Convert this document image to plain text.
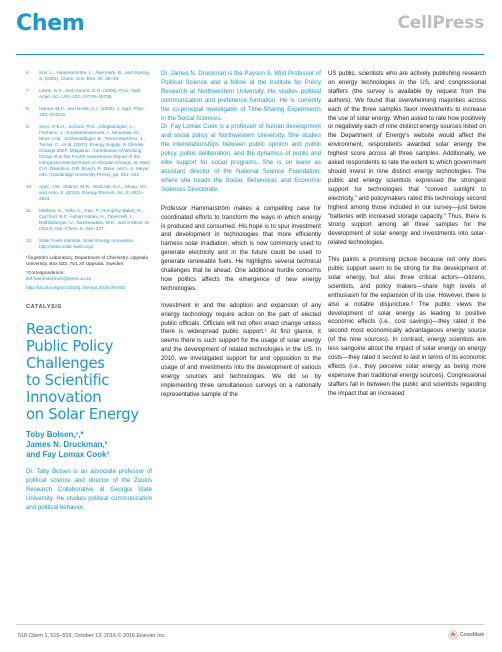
Chem	CellPress
6. Sun, L., Hammarström, L., Åkermark, B., and Styring, S. (2001). Chem. Soc. Rev. 30, 36–49.
7. Lewis, N.S., and Nocera, D.G. (2006). Proc. Natl. Acad. Sci. USA 103, 15729–15735.
8. Hanna, M.C., and Nozik, A.J. (2006). J. Appl. Phys. 100, 074510.
9. Sims, R.E.H., Schock, R.N., Adegbululgbe, A., Fenhann, J., Konstantinaviciute, I., Moomaw, W., Nimir, H.B., Schlamadinger, B., Torres-Martínez, J., Turner, C., et al. (2007). Energy Supply. In Climate Change 2007: Mitigation. Contribution of Working Group III to the Fourth Assessment Report of the Intergovernmental Panel on Climate Change, B. Metz, O.R. Davidson, P.R. Bosch, R. Dave, and L.A. Meyer, eds. (Cambridge University Press), pp. 251–322.
10. Ager, J.W., Shaner, M.R., Walczak, K.A., Sharp, I.D., and Ardo, S. (2015). Energy Environ. Sci. 8, 2811–2824.
11. Mathew, S., Yella, A., Gao, P., Humphry-Baker, R., Curchod, B.F., Ashari-Astani, N., Tavernelli, I., Rothlisberger, U., Nazeeruddin, M.K., and Grätzel, M. (2014). Nat. Chem. 6, 242–247.
12. Solar Fuels Institute. Solar Energy Innovation. http://www.solar-fuels.org/.

¹Ångström Laboratory, Department of Chemistry, Uppsala University, Box 523, 751 20 Uppsala, Sweden

*Correspondence:
leif.hammarstrom@kemi.uu.se

http://dx.doi.org/10.1016/j.chempr.2016.09.002

CATALYSIS
Reaction:
Public Policy
Challenges
to Scientific
Innovation
on Solar Energy
Toby Bolsen,¹,*
James N. Druckman,²
and Fay Lomax Cook³

Dr. Toby Bolsen is an associate professor of political science and director of the Zoukis Research Collaborative at Georgia State University. He studies political communication and political behavior.

Dr. James N. Druckman is the Payson S. Wild Professor of Political Science and a fellow at the Institute for Policy Research at Northwestern University. He studies political communication and preference formation. He is currently the co-principal investigator of Time-Sharing Experiments in the Social Sciences.

Dr. Fay Lomax Cook is a professor of human development and social policy at Northwestern University. She studies the interrelationships between public opinion and public policy, public deliberation, and the dynamics of public and elite support for social programs. She is on leave as assistant director of the National Science Foundation, where she heads the Social, Behavioral, and Economic Sciences Directorate.

Professor Hammarström makes a compelling case for coordinated efforts to transform the ways in which energy is produced and consumed. His hope is to spur investment and development in technologies that more efficiently harness solar irradiation, which is now commonly used to generate electricity and in the future could be used to generate renewable fuels. He highlights several technical challenges that lie ahead. One additional hurdle concerns how politics affects the emergence of new energy technologies.

Investment in and the adoption and expansion of any energy technology require action on the part of elected public officials. Officials will not often enact change unless there is widespread public support.¹ At first glance, it seems there is such support for the usage of solar energy and the development of related technologies in the US. In 2010, we investigated support for and opposition to the usage of and investments into the development of various energy sources and technologies. We did so by implementing three simultaneous surveys on a nationally representative sample of the

US public, scientists who are actively publishing research on energy technologies in the US, and congressional staffers (the survey is available by request from the authors). We found that overwhelming majorities across each of the three samples favor investments to increase the use of solar energy. When asked to rate how positively or negatively each of nine distinct energy sources listed on the Department of Energy's website would affect the environment, respondents awarded solar energy the highest score across all three samples. Additionally, we asked respondents to rate the extent to which government should invest in nine distinct energy technologies. The public and energy scientists expressed the strongest support for technologies that "convert sunlight to electricity," and policymakers rated this technology second highest among those included in our survey—just below "batteries with increased storage capacity." Thus, there is strong support among all three samples for the development of solar energy and investments into solar-related technologies.

This paints a promising picture because not only does public support seem to be strong for the development of solar energy, but also three critical actors—citizens, scientists, and policy makers—share high levels of enthusiasm for the expansion of its use. However, there is also a notable disjuncture.² The public views the development of solar energy as leading to positive economic effects (i.e., cost savings)—they rated it the second most economically advantageous energy source (of the nine sources). In contrast, energy scientists are less sanguine about the impact of solar energy on energy costs—they rated it second to last in terms of its economic effects (i.e., they perceive solar energy as being more expensive than traditional energy sources). Congressional staffers fall in between the public and scientists regarding the impact that an increased

518 Chem 1, 515–519, October 13, 2016 © 2016 Elsevier Inc.	CrossMark
